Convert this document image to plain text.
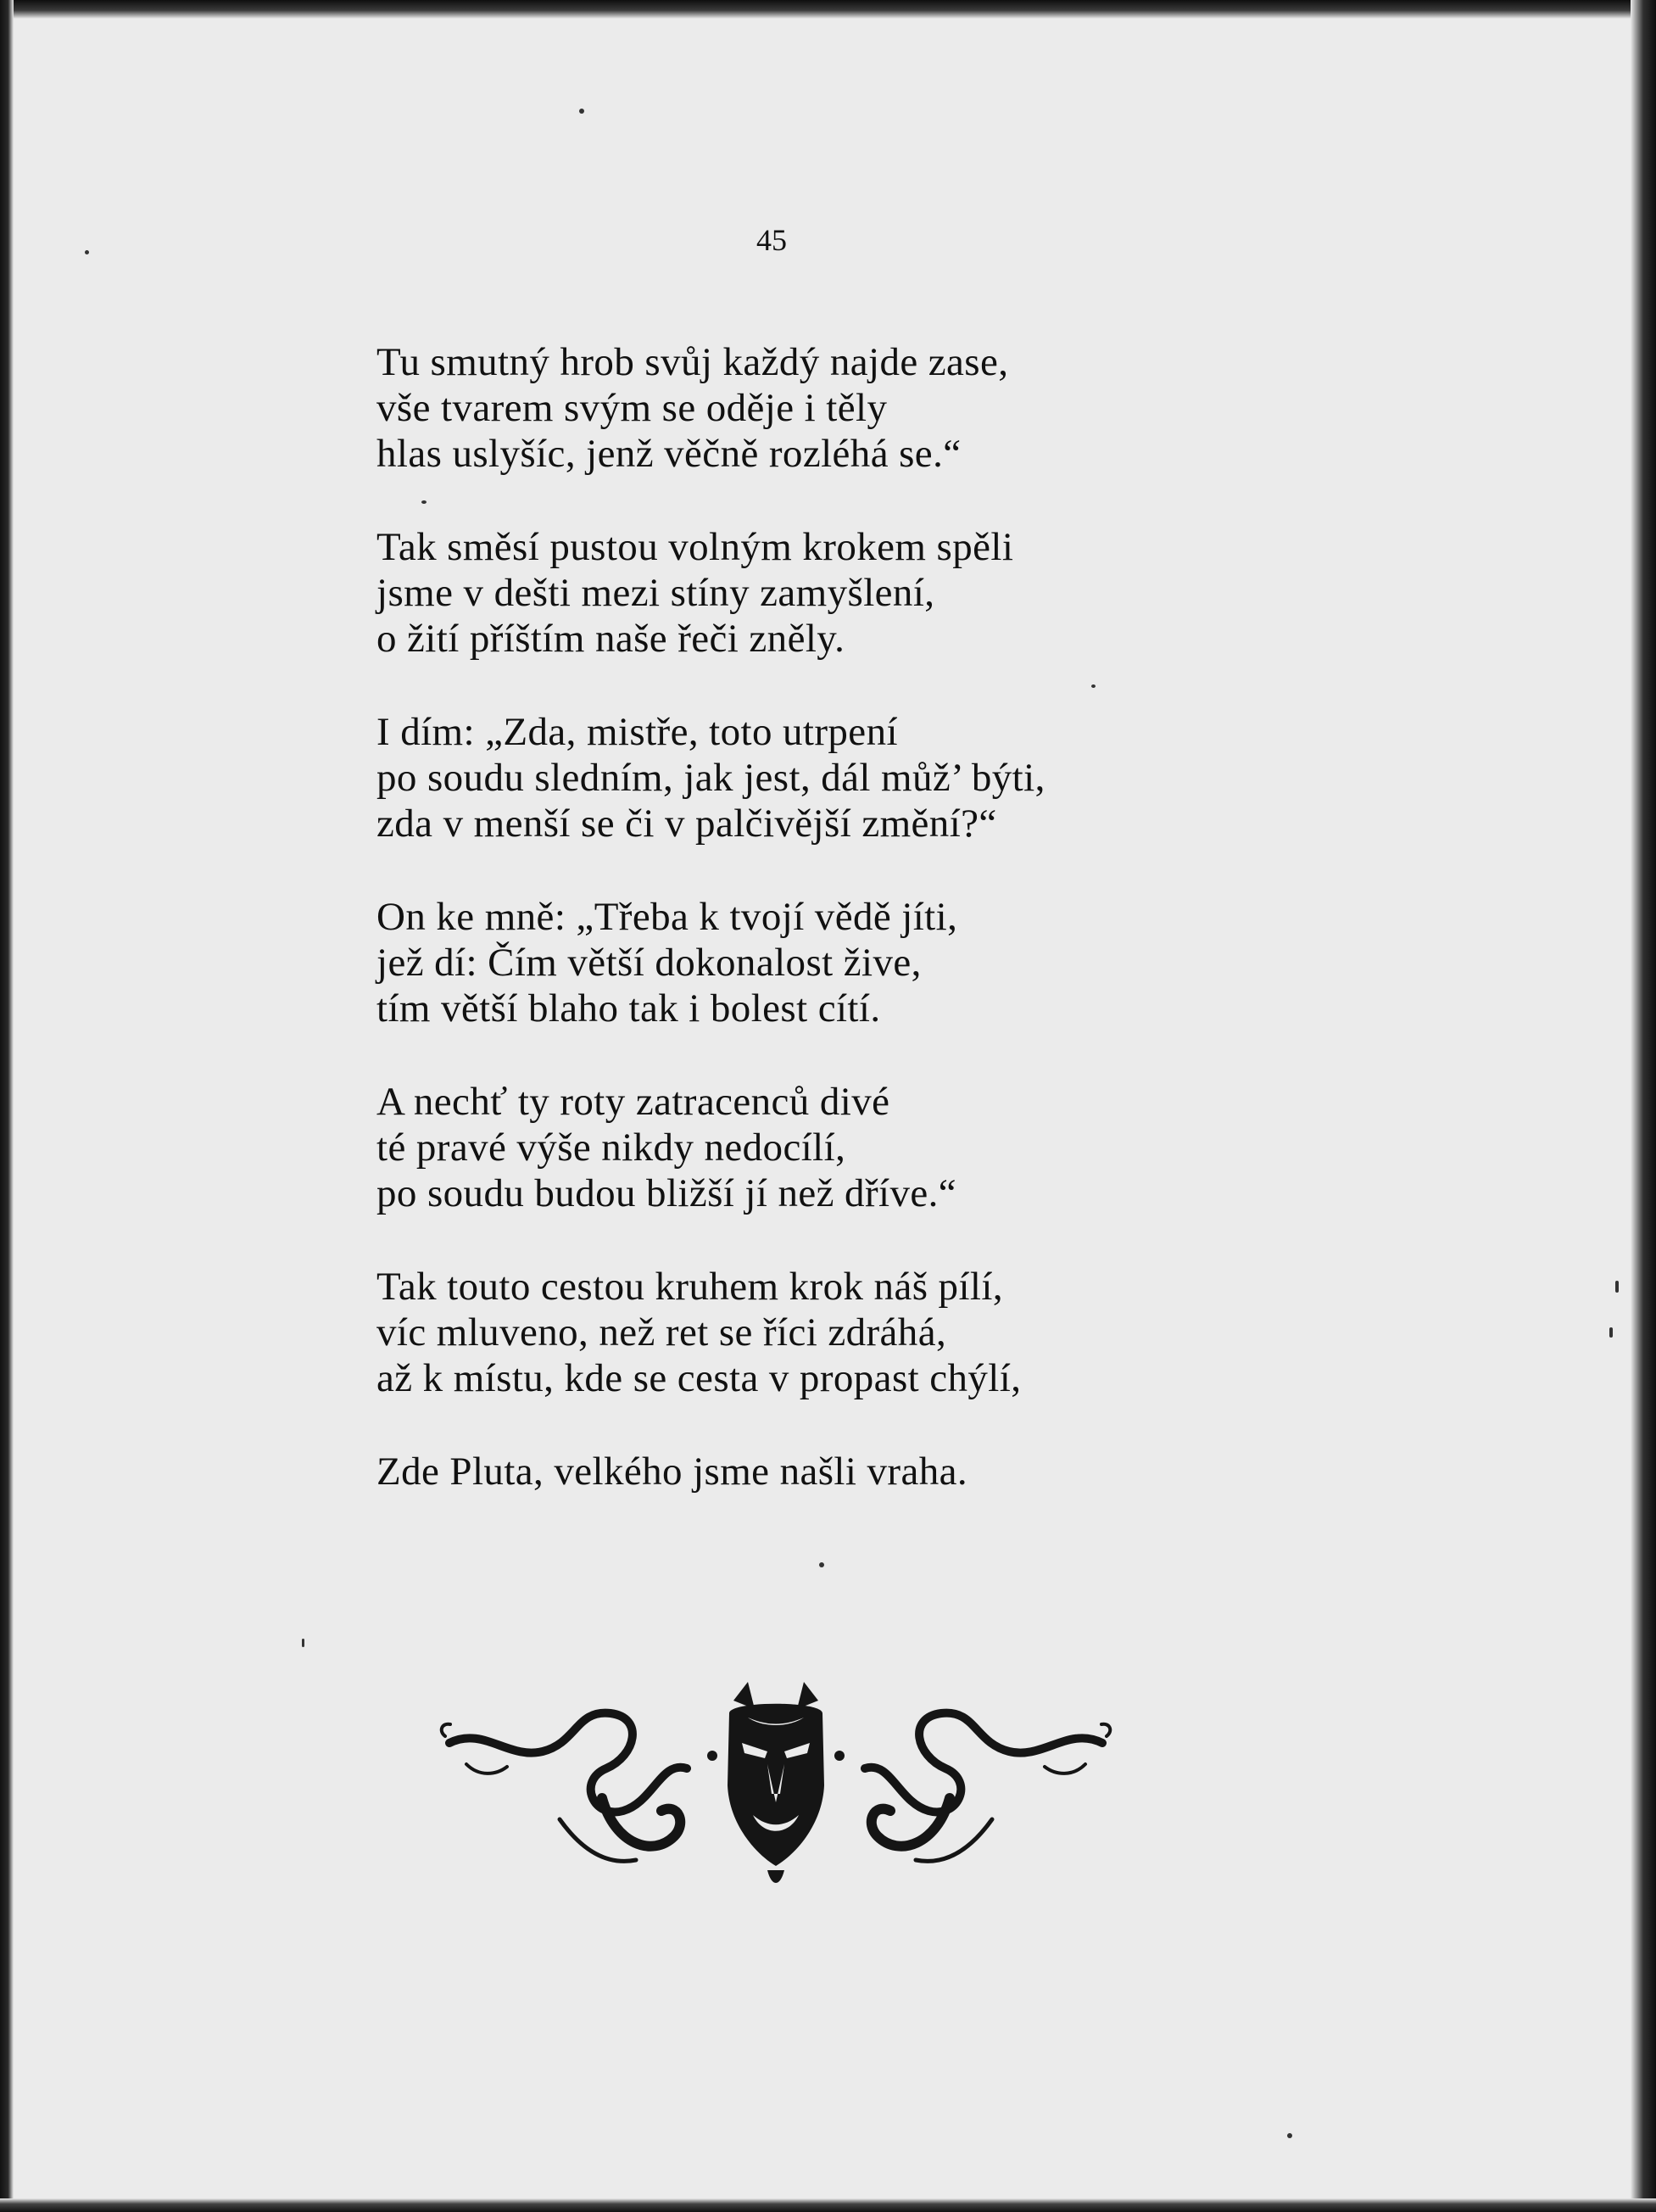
45
Tu smutný hrob svůj každý najde zase,
vše tvarem svým se oděje i těly
hlas uslyšíc, jenž věčně rozléhá se.“
Tak směsí pustou volným krokem spěli
jsme v dešti mezi stíny zamyšlení,
o žití příštím naše řeči zněly.
I dím: „Zda, mistře, toto utrpení
po soudu sledním, jak jest, dál můž’ býti,
zda v menší se či v palčivější změní?“
On ke mně: „Třeba k tvojí vědě jíti,
jež dí: Čím větší dokonalost žive,
tím větší blaho tak i bolest cítí.
A nechť ty roty zatracenců divé
té pravé výše nikdy nedocílí,
po soudu budou bližší jí než dříve.“
Tak touto cestou kruhem krok náš pílí,
víc mluveno, než ret se říci zdráhá,
až k místu, kde se cesta v propast chýlí,
Zde Pluta, velkého jsme našli vraha.
